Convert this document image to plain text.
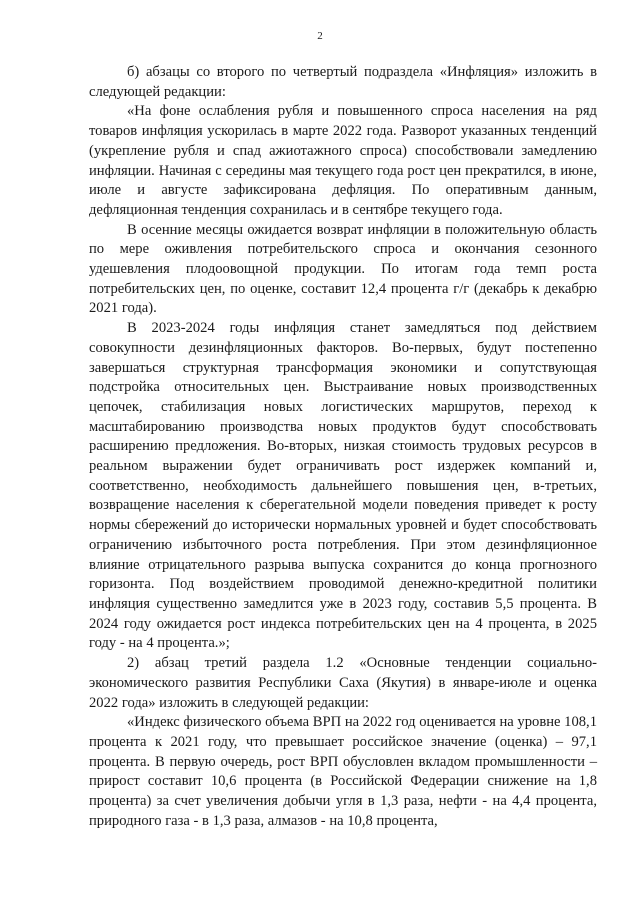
2

б) абзацы со второго по четвертый подраздела «Инфляция» изложить в следующей редакции:

«На фоне ослабления рубля и повышенного спроса населения на ряд товаров инфляция ускорилась в марте 2022 года. Разворот указанных тенденций (укрепление рубля и спад ажиотажного спроса) способствовали замедлению инфляции. Начиная с середины мая текущего года рост цен прекратился, в июне, июле и августе зафиксирована дефляция. По оперативным данным, дефляционная тенденция сохранилась и в сентябре текущего года.

В осенние месяцы ожидается возврат инфляции в положительную область по мере оживления потребительского спроса и окончания сезонного удешевления плодоовощной продукции. По итогам года темп роста потребительских цен, по оценке, составит 12,4 процента г/г (декабрь к декабрю 2021 года).

В 2023-2024 годы инфляция станет замедляться под действием совокупности дезинфляционных факторов. Во-первых, будут постепенно завершаться структурная трансформация экономики и сопутствующая подстройка относительных цен. Выстраивание новых производственных цепочек, стабилизация новых логистических маршрутов, переход к масштабированию производства новых продуктов будут способствовать расширению предложения. Во-вторых, низкая стоимость трудовых ресурсов в реальном выражении будет ограничивать рост издержек компаний и, соответственно, необходимость дальнейшего повышения цен, в-третьих, возвращение населения к сберегательной модели поведения приведет к росту нормы сбережений до исторически нормальных уровней и будет способствовать ограничению избыточного роста потребления. При этом дезинфляционное влияние отрицательного разрыва выпуска сохранится до конца прогнозного горизонта. Под воздействием проводимой денежно-кредитной политики инфляция существенно замедлится уже в 2023 году, составив 5,5 процента. В 2024 году ожидается рост индекса потребительских цен на 4 процента, в 2025 году - на 4 процента.»;

2) абзац третий раздела 1.2 «Основные тенденции социально-экономического развития Республики Саха (Якутия) в январе-июле и оценка 2022 года» изложить в следующей редакции:

«Индекс физического объема ВРП на 2022 год оценивается на уровне 108,1 процента к 2021 году, что превышает российское значение (оценка) – 97,1 процента. В первую очередь, рост ВРП обусловлен вкладом промышленности – прирост составит 10,6 процента (в Российской Федерации снижение на 1,8 процента) за счет увеличения добычи угля в 1,3 раза, нефти - на 4,4 процента, природного газа - в 1,3 раза, алмазов - на 10,8 процента,
